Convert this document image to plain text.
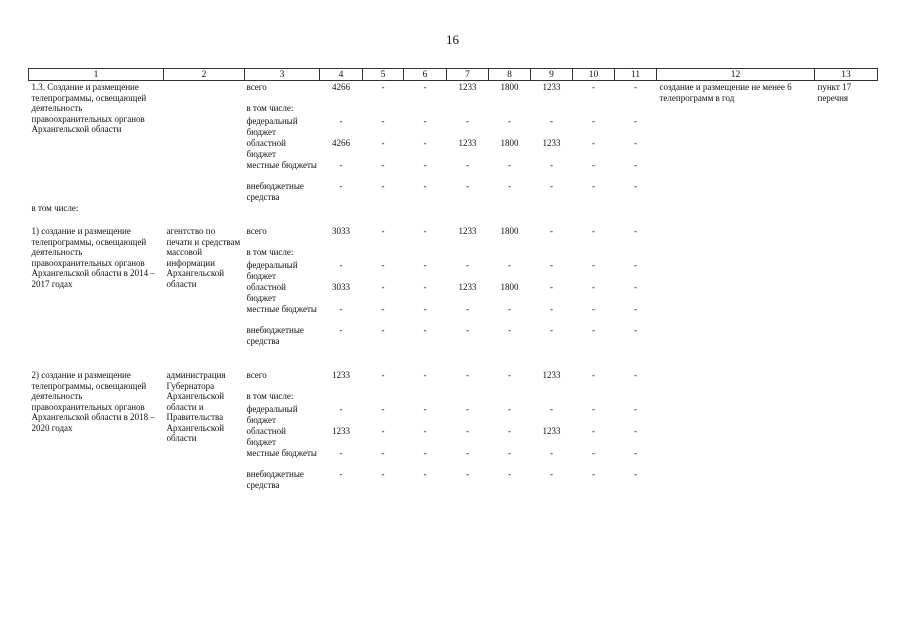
16
1	2	3	4	5	6	7	8	9	10	11	12	13
1.3. Создание и размещение телепрограммы, освещающей деятельность правоохранительных органов Архангельской области		всего	4266	-	-	1233	1800	1233	-	-	создание и размещение не менее 6 телепрограмм в год	пункт 17 перечня
		в том числе:										
		федеральный бюджет	-	-	-	-	-	-	-	-		
		областной бюджет	4266	-	-	1233	1800	1233	-	-		
		местные бюджеты	-	-	-	-	-	-	-	-		
		внебюджетные средства	-	-	-	-	-	-	-	-		
в том числе:												
1) создание и размещение телепрограммы, освещающей деятельность правоохранительных органов Архангельской области в 2014 – 2017 годах	агентство по печати и средствам массовой информации Архангельской области	всего	3033	-	-	1233	1800	-	-	-		
		в том числе:										
		федеральный бюджет	-	-	-	-	-	-	-	-		
		областной бюджет	3033	-	-	1233	1800	-	-	-		
		местные бюджеты	-	-	-	-	-	-	-	-		
		внебюджетные средства	-	-	-	-	-	-	-	-		

2) создание и размещение телепрограммы, освещающей деятельность правоохранительных органов Архангельской области в 2018 – 2020 годах	администрация Губернатора Архангельской области и Правительства Архангельской области	всего	1233	-	-	-	-	1233	-	-		
		в том числе:										
		федеральный бюджет	-	-	-	-	-	-	-	-		
		областной бюджет	1233	-	-	-	-	1233	-	-		
		местные бюджеты	-	-	-	-	-	-	-	-		
		внебюджетные средства	-	-	-	-	-	-	-	-		
